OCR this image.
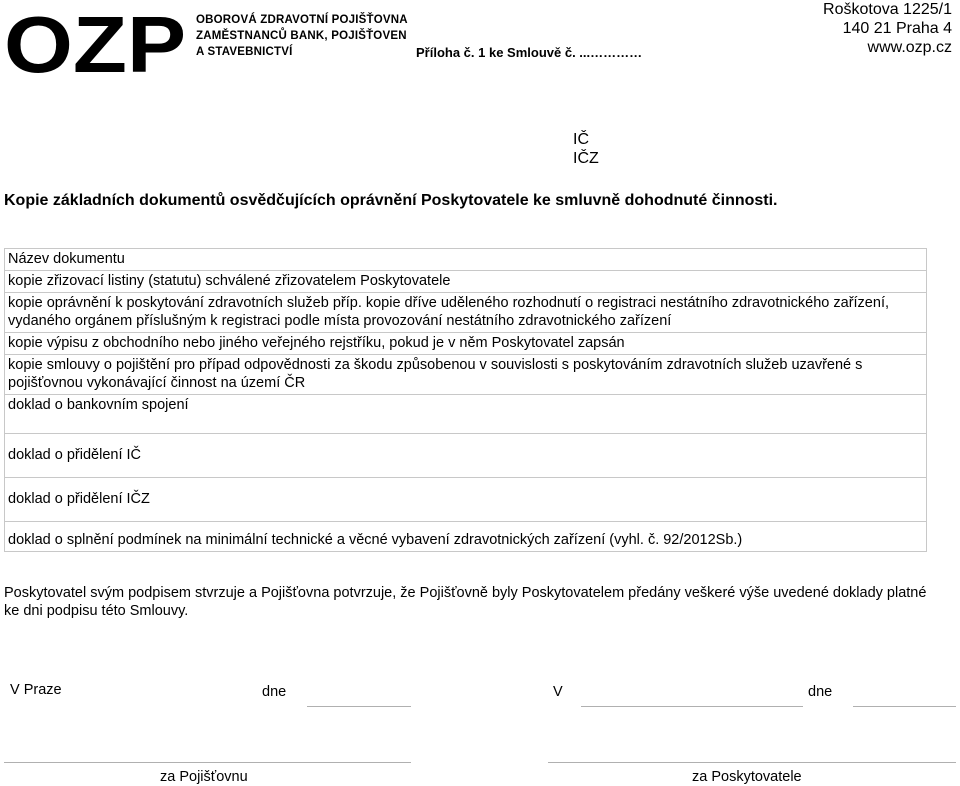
OZP OBOROVÁ ZDRAVOTNÍ POJIŠŤOVNA
ZAMĚSTNANCŮ BANK, POJIŠŤOVEN
A STAVEBNICTVÍ	Příloha č. 1 ke Smlouvě č. ...…………
Roškotova 1225/1
140 21 Praha 4
www.ozp.cz
IČ
IČZ
Kopie základních dokumentů osvědčujících oprávnění Poskytovatele ke smluvně dohodnuté činnosti.
Název dokumentu
kopie zřizovací listiny (statutu) schválené zřizovatelem Poskytovatele
kopie oprávnění k poskytování zdravotních služeb příp. kopie dříve uděleného rozhodnutí o registraci nestátního zdravotnického zařízení, vydaného orgánem příslušným k registraci podle místa provozování nestátního zdravotnického zařízení
kopie výpisu z obchodního nebo jiného veřejného rejstříku, pokud je v něm Poskytovatel zapsán
kopie smlouvy o pojištění pro případ odpovědnosti za škodu způsobenou v souvislosti s poskytováním zdravotních služeb uzavřené s pojišťovnou vykonávající činnost na území ČR
doklad o bankovním spojení
doklad o přidělení IČ
doklad o přidělení IČZ
doklad o splnění podmínek na minimální technické a věcné vybavení zdravotnických zařízení (vyhl. č. 92/2012Sb.)
Poskytovatel svým podpisem stvrzuje a Pojišťovna potvrzuje, že Pojišťovně byly Poskytovatelem předány veškeré výše uvedené doklady platné ke dni podpisu této Smlouvy.
V Praze	dne	V	dne
za Pojišťovnu	za Poskytovatele
